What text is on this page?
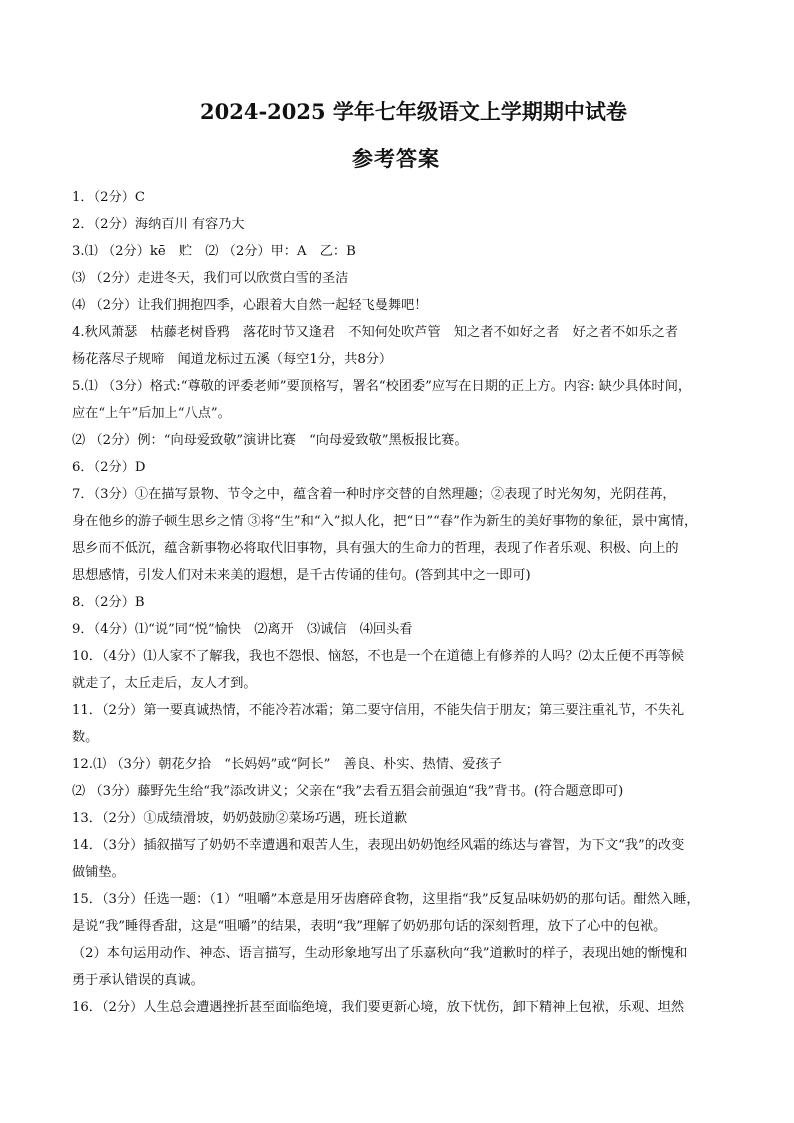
2024-2025 学年七年级语文上学期期中试卷
参考答案
1．（2分）C
2．（2分）海纳百川 有容乃大
3.⑴ （2分）kē　贮　⑵ （2分）甲：A　乙：B
⑶ （2分）走进冬天，我们可以欣赏白雪的圣洁
⑷ （2分）让我们拥抱四季，心跟着大自然一起轻飞曼舞吧！
4.秋风萧瑟　枯藤老树昏鸦　落花时节又逢君　不知何处吹芦管　知之者不如好之者　好之者不如乐之者
杨花落尽子规啼　闻道龙标过五溪（每空1分，共8分）
5.⑴ （3分）格式:“尊敬的评委老师”要顶格写，署名“校团委”应写在日期的正上方。内容: 缺少具体时间，
应在“上午”后加上“八点”。
⑵ （2分）例：“向母爱致敬”演讲比赛　“向母爱致敬”黑板报比赛。
6．（2分）D
7．（3分）①在描写景物、节令之中，蕴含着一种时序交替的自然理趣；②表现了时光匆匆，光阴荏苒，
身在他乡的游子顿生思乡之情 ③将“生”和“入”拟人化，把“日”“春”作为新生的美好事物的象征，景中寓情，
思乡而不低沉，蕴含新事物必将取代旧事物，具有强大的生命力的哲理，表现了作者乐观、积极、向上的
思想感情，引发人们对未来美的遐想，是千古传诵的佳句。(答到其中之一即可)
8．（2分）B
9．（4分）⑴“说”同“悦”愉快　⑵离开　⑶诚信　⑷回头看
10．（4分）⑴人家不了解我，我也不怨恨、恼怒，不也是一个在道德上有修养的人吗？⑵太丘便不再等候
就走了，太丘走后，友人才到。
11．（2分）第一要真诚热情，不能冷若冰霜；第二要守信用，不能失信于朋友；第三要注重礼节，不失礼
数。
12.⑴ （3分）朝花夕拾　“长妈妈”或“阿长”　善良、朴实、热情、爱孩子
⑵ （3分）藤野先生给“我”添改讲义；父亲在“我”去看五猖会前强迫“我”背书。(符合题意即可)
13．（2分）①成绩滑坡，奶奶鼓励②菜场巧遇，班长道歉
14．（3分）插叙描写了奶奶不幸遭遇和艰苦人生，表现出奶奶饱经风霜的练达与睿智，为下文“我”的改变
做铺垫。
15．（3分）任选一题：（1）“咀嚼”本意是用牙齿磨碎食物，这里指“我”反复品味奶奶的那句话。酣然入睡，
是说“我”睡得香甜，这是“咀嚼”的结果，表明“我”理解了奶奶那句话的深刻哲理，放下了心中的包袱。
（2）本句运用动作、神态、语言描写，生动形象地写出了乐嘉秋向“我”道歉时的样子，表现出她的惭愧和
勇于承认错误的真诚。
16．（2分）人生总会遭遇挫折甚至面临绝境，我们要更新心境，放下忧伤，卸下精神上包袱，乐观、坦然
